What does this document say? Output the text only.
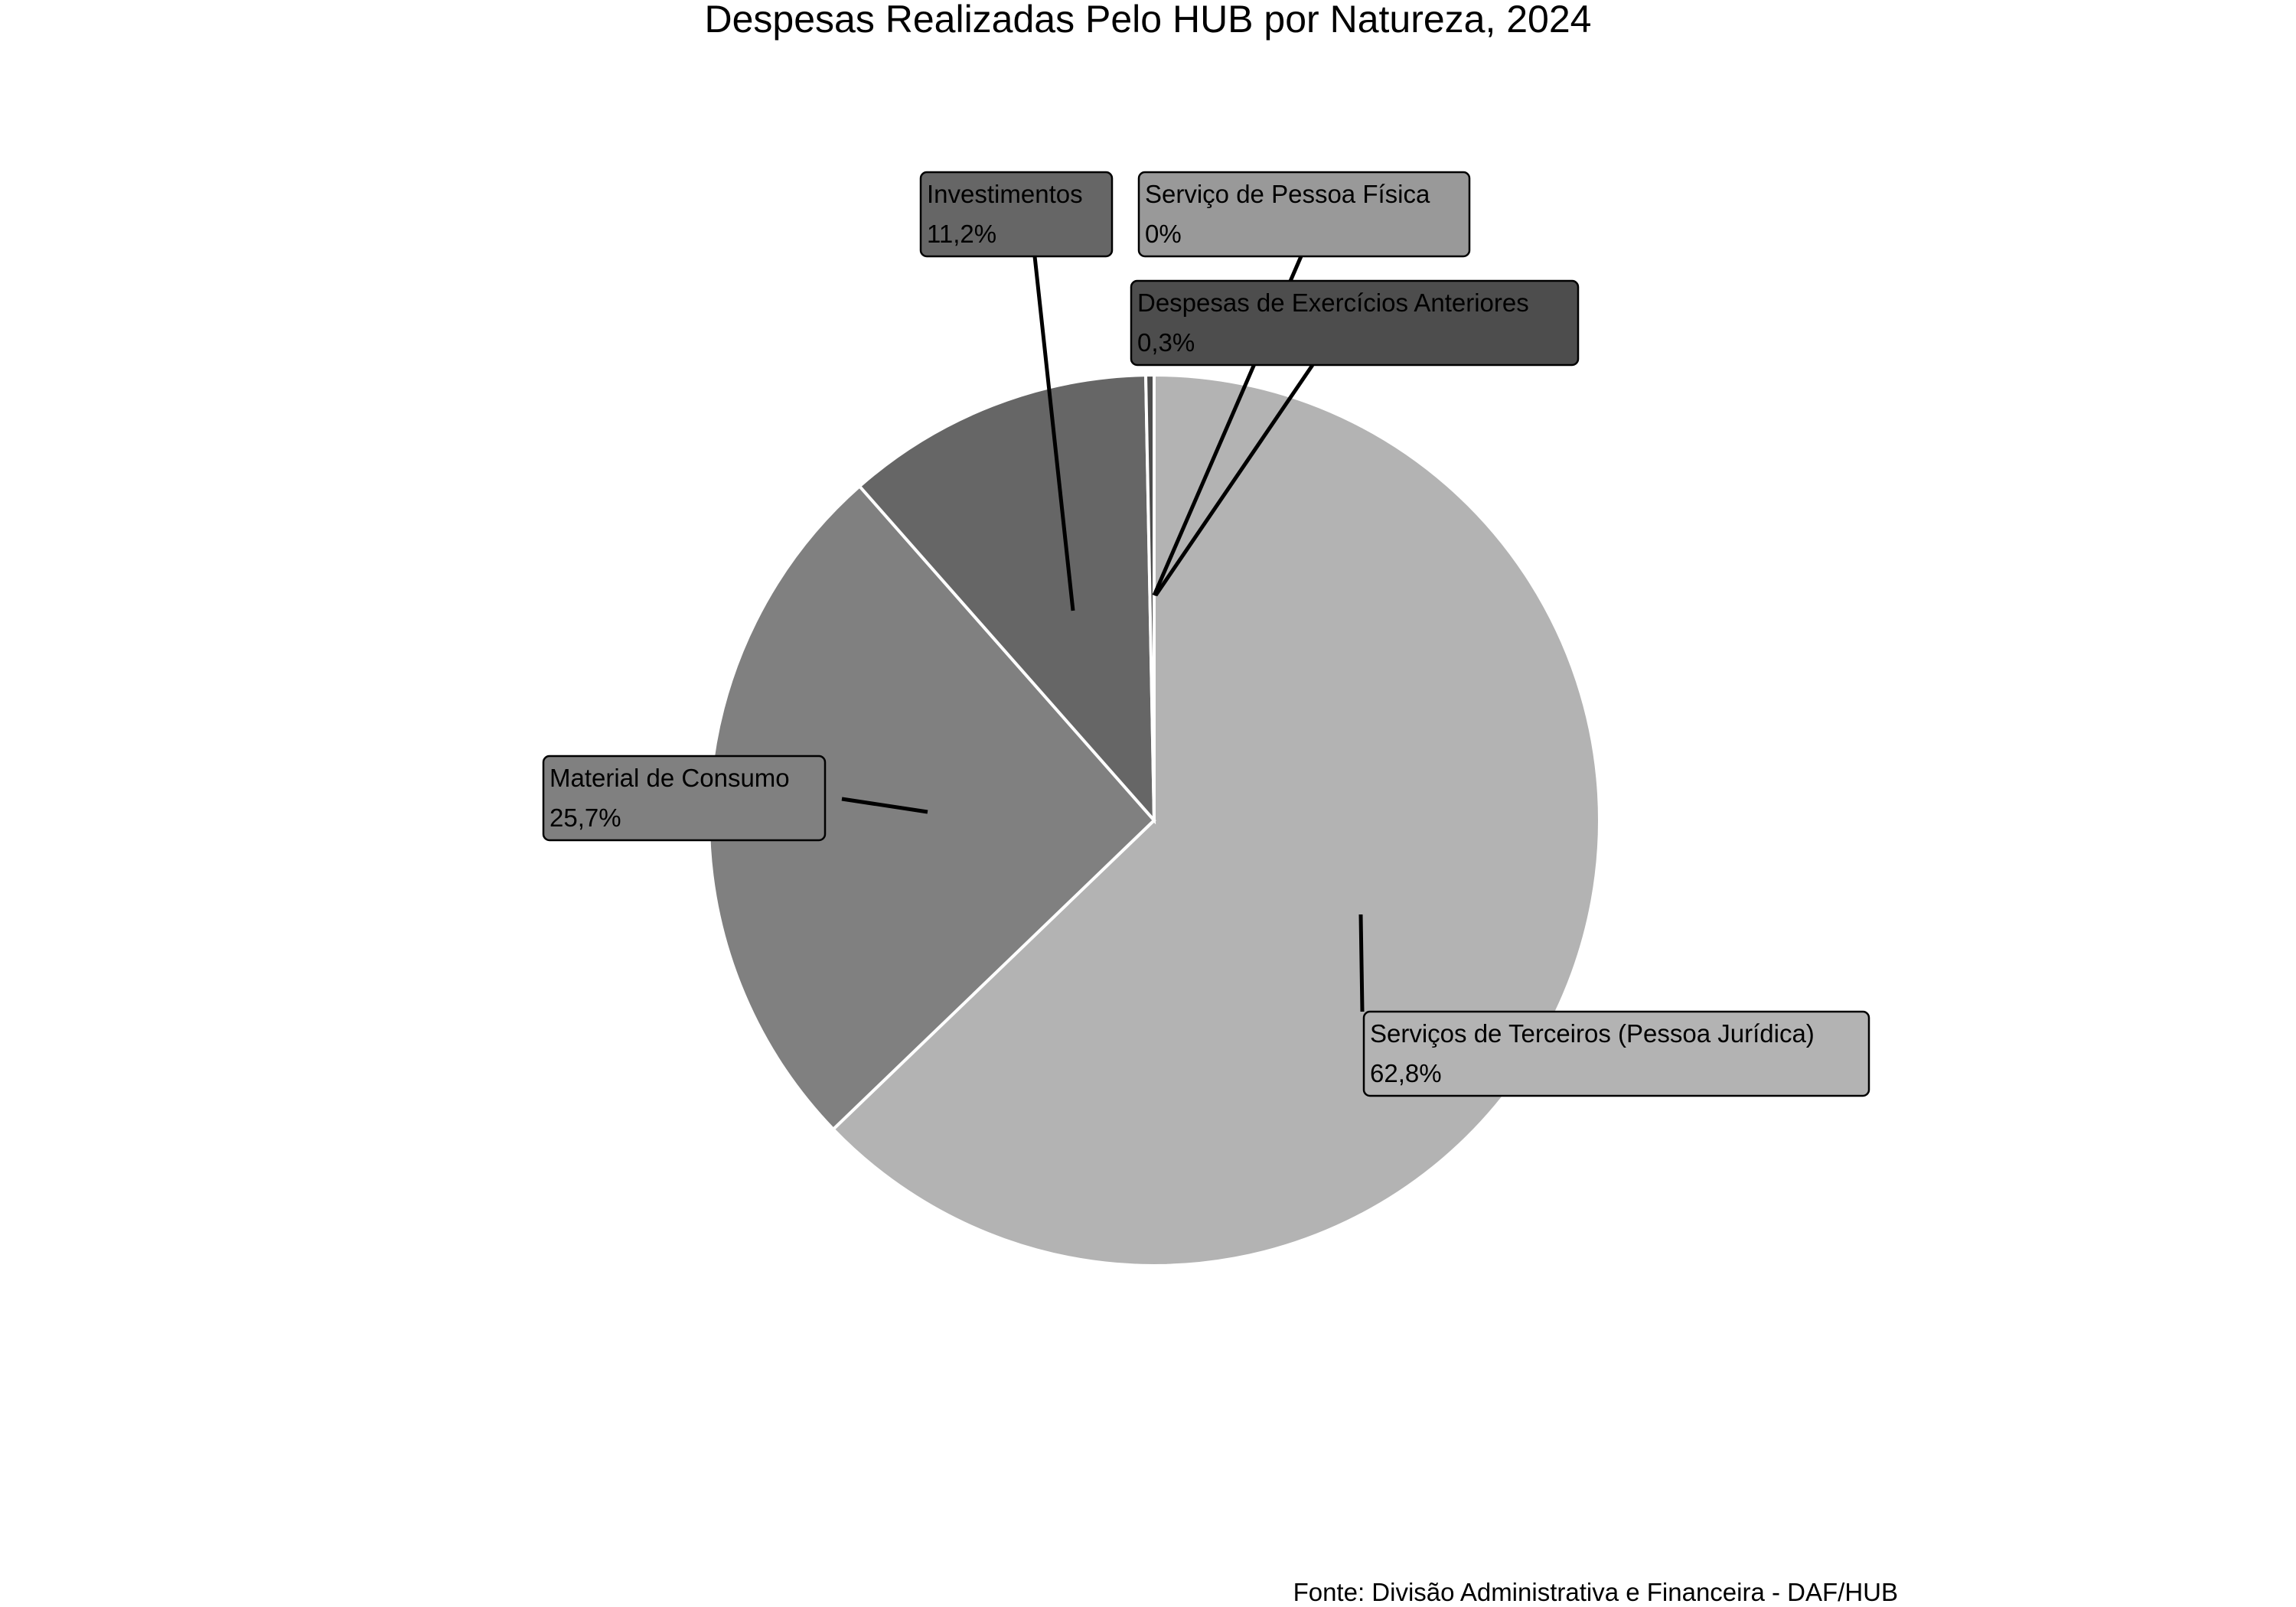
Despesas Realizadas Pelo HUB por Natureza, 2024
Serviços de Terceiros (Pessoa Jurídica)
62,8%
Material de Consumo
25,7%
Investimentos
11,2%
Despesas de Exercícios Anteriores
0,3%
Serviço de Pessoa Física
0%
Fonte: Divisão Administrativa e Financeira - DAF/HUB
